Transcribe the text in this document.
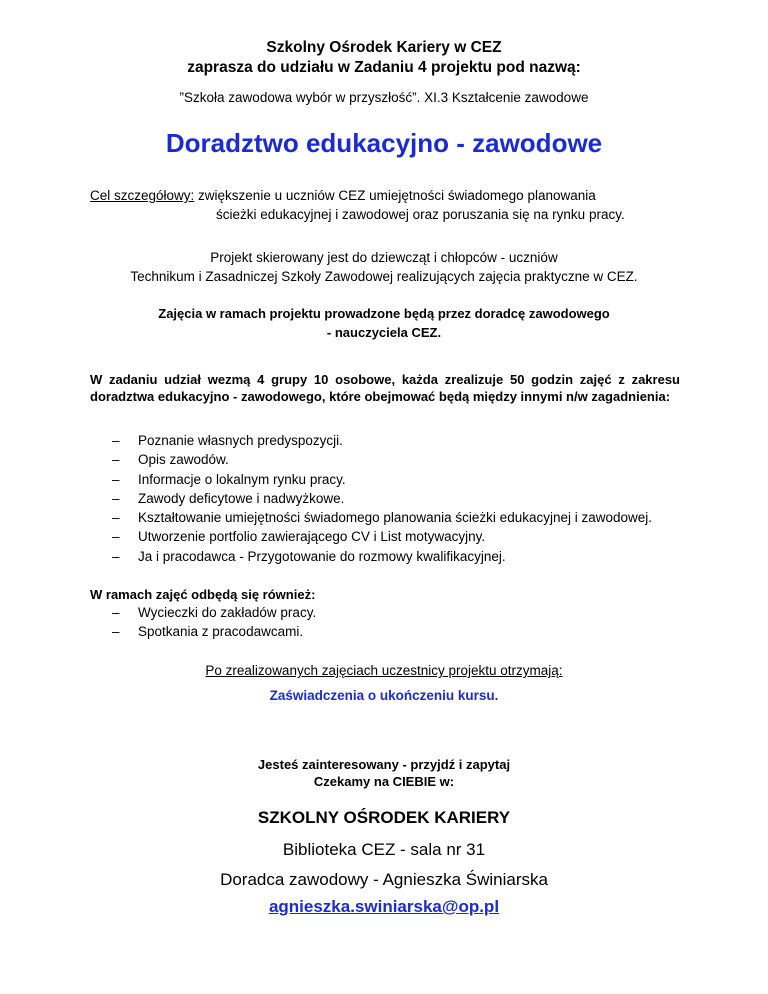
Szkolny Ośrodek Kariery w CEZ
zaprasza do udziału w Zadaniu 4 projektu pod nazwą:
”Szkoła zawodowa wybór w przyszłość”. XI.3 Kształcenie zawodowe
Doradztwo edukacyjno - zawodowe
Cel szczegółowy: zwiększenie u uczniów CEZ umiejętności świadomego planowania
ścieżki edukacyjnej i zawodowej oraz poruszania się na rynku pracy.
Projekt skierowany jest do dziewcząt i chłopców - uczniów
Technikum i Zasadniczej Szkoły Zawodowej realizujących zajęcia praktyczne w CEZ.
Zajęcia w ramach projektu prowadzone będą przez doradcę zawodowego
- nauczyciela CEZ.
W zadaniu udział wezmą 4 grupy 10 osobowe, każda zrealizuje 50 godzin zajęć z zakresu doradztwa edukacyjno - zawodowego, które obejmować będą między innymi n/w zagadnienia:
– Poznanie własnych predyspozycji.
– Opis zawodów.
– Informacje o lokalnym rynku pracy.
– Zawody deficytowe i nadwyżkowe.
– Kształtowanie umiejętności świadomego planowania ścieżki edukacyjnej i zawodowej.
– Utworzenie portfolio zawierającego CV i List motywacyjny.
– Ja i pracodawca - Przygotowanie do rozmowy kwalifikacyjnej.
W ramach zajęć odbędą się również:
– Wycieczki do zakładów pracy.
– Spotkania z pracodawcami.
Po zrealizowanych zajęciach uczestnicy projektu otrzymają:
Zaświadczenia o ukończeniu kursu.
Jesteś zainteresowany - przyjdź i zapytaj
Czekamy na CIEBIE w:
SZKOLNY OŚRODEK KARIERY
Biblioteka CEZ - sala nr 31
Doradca zawodowy - Agnieszka Świniarska
agnieszka.swiniarska@op.pl
